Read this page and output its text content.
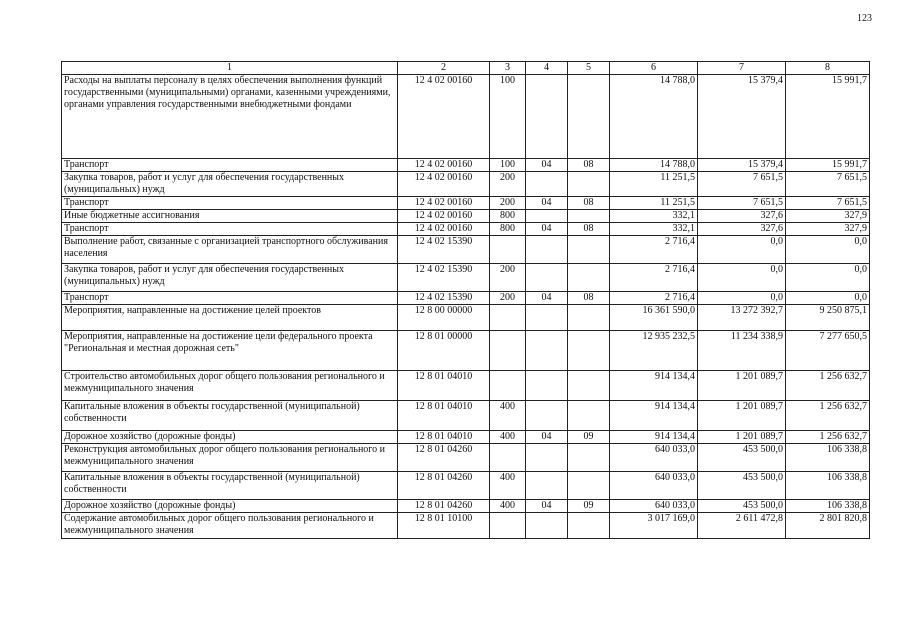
123
1	2	3	4	5	6	7	8
Расходы на выплаты персоналу в целях обеспечения выполнения функций государственными (муниципальными) органами, казенными учреждениями, органами управления государственными внебюджетными фондами	12 4 02 00160	100			14 788,0	15 379,4	15 991,7
Транспорт	12 4 02 00160	100	04	08	14 788,0	15 379,4	15 991,7
Закупка товаров, работ и услуг для обеспечения государственных (муниципальных) нужд	12 4 02 00160	200			11 251,5	7 651,5	7 651,5
Транспорт	12 4 02 00160	200	04	08	11 251,5	7 651,5	7 651,5
Иные бюджетные ассигнования	12 4 02 00160	800			332,1	327,6	327,9
Транспорт	12 4 02 00160	800	04	08	332,1	327,6	327,9
Выполнение работ, связанные с организацией транспортного обслуживания населения	12 4 02 15390				2 716,4	0,0	0,0
Закупка товаров, работ и услуг для обеспечения государственных (муниципальных) нужд	12 4 02 15390	200			2 716,4	0,0	0,0
Транспорт	12 4 02 15390	200	04	08	2 716,4	0,0	0,0
Мероприятия, направленные на достижение целей проектов	12 8 00 00000				16 361 590,0	13 272 392,7	9 250 875,1
Мероприятия, направленные на достижение цели федерального проекта "Региональная и местная дорожная сеть"	12 8 01 00000				12 935 232,5	11 234 338,9	7 277 650,5
Строительство автомобильных дорог общего пользования регионального и межмуниципального значения	12 8 01 04010				914 134,4	1 201 089,7	1 256 632,7
Капитальные вложения в объекты государственной (муниципальной) собственности	12 8 01 04010	400			914 134,4	1 201 089,7	1 256 632,7
Дорожное хозяйство (дорожные фонды)	12 8 01 04010	400	04	09	914 134,4	1 201 089,7	1 256 632,7
Реконструкция автомобильных дорог общего пользования регионального и межмуниципального значения	12 8 01 04260				640 033,0	453 500,0	106 338,8
Капитальные вложения в объекты государственной (муниципальной) собственности	12 8 01 04260	400			640 033,0	453 500,0	106 338,8
Дорожное хозяйство (дорожные фонды)	12 8 01 04260	400	04	09	640 033,0	453 500,0	106 338,8
Содержание автомобильных дорог общего пользования регионального и межмуниципального значения	12 8 01 10100				3 017 169,0	2 611 472,8	2 801 820,8
